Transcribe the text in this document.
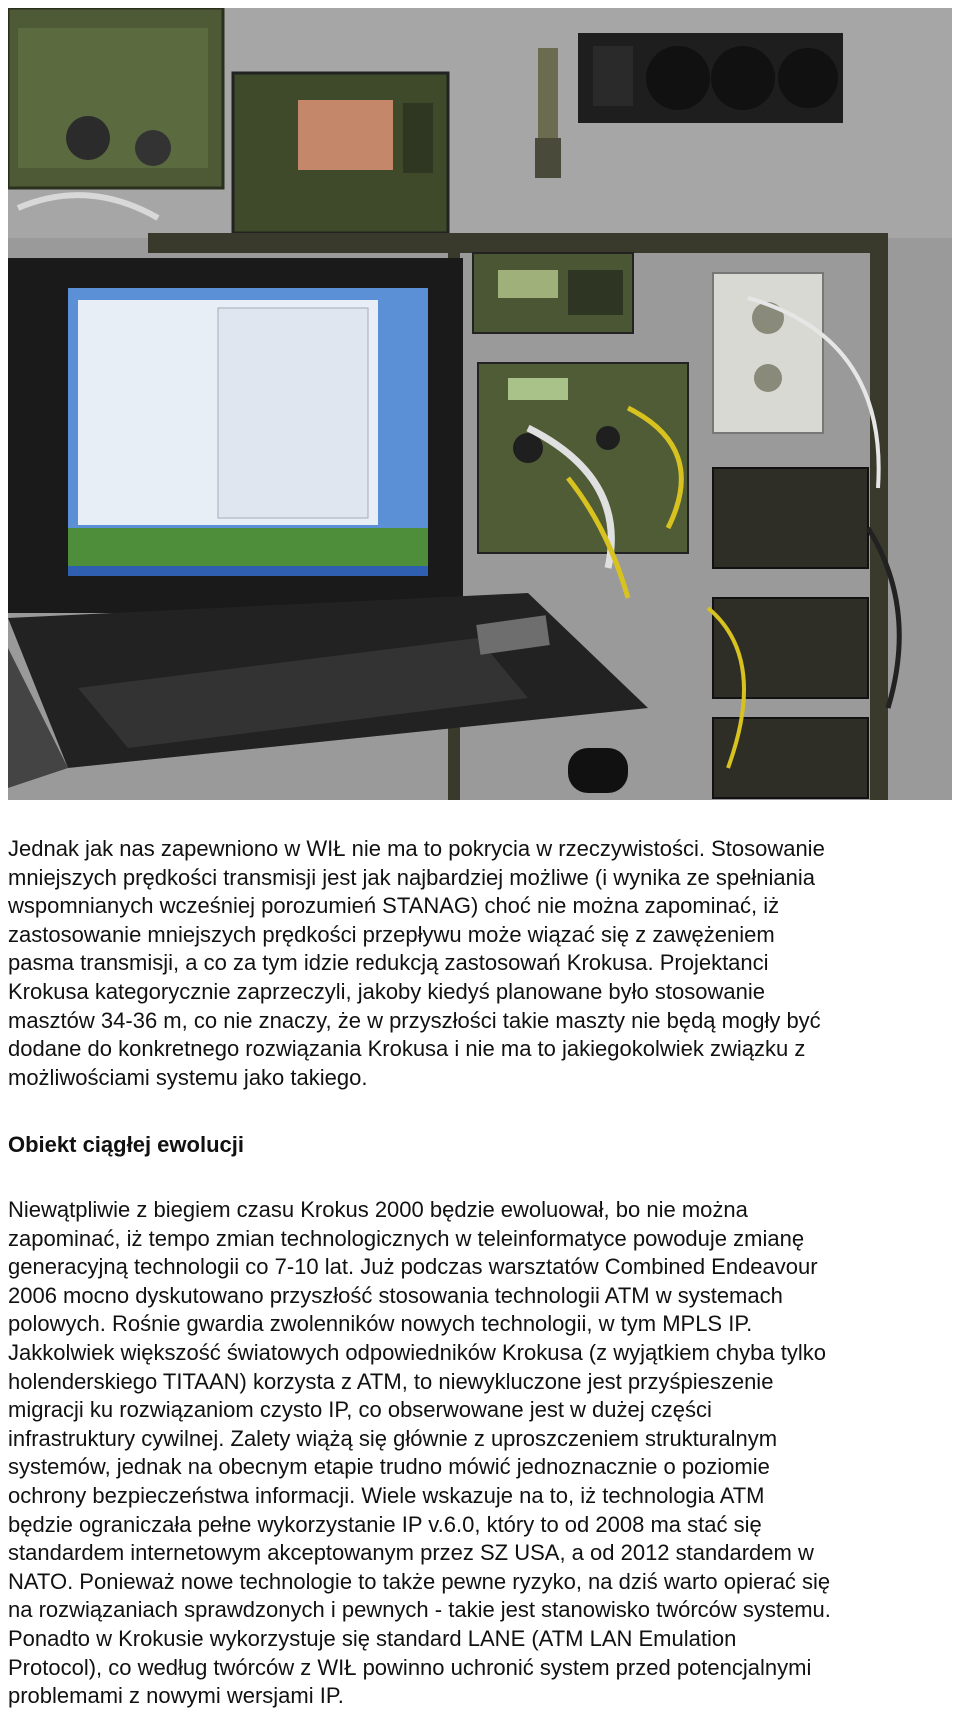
Jednak jak nas zapewniono w WIŁ nie ma to pokrycia w rzeczywistości. Stosowanie
mniejszych prędkości transmisji jest jak najbardziej możliwe (i wynika ze spełniania
wspomnianych wcześniej porozumień STANAG) choć nie można zapominać, iż
zastosowanie mniejszych prędkości przepływu może wiązać się z zawężeniem
pasma transmisji, a co za tym idzie redukcją zastosowań Krokusa. Projektanci
Krokusa kategorycznie zaprzeczyli, jakoby kiedyś planowane było stosowanie
masztów 34-36 m, co nie znaczy, że w przyszłości takie maszty nie będą mogły być
dodane do konkretnego rozwiązania Krokusa i nie ma to jakiegokolwiek związku z
możliwościami systemu jako takiego.
Obiekt ciągłej ewolucji
Niewątpliwie z biegiem czasu Krokus 2000 będzie ewoluował, bo nie można
zapominać, iż tempo zmian technologicznych w teleinformatyce powoduje zmianę
generacyjną technologii co 7-10 lat. Już podczas warsztatów Combined Endeavour
2006 mocno dyskutowano przyszłość stosowania technologii ATM w systemach
polowych. Rośnie gwardia zwolenników nowych technologii, w tym MPLS IP.
Jakkolwiek większość światowych odpowiedników Krokusa (z wyjątkiem chyba tylko
holenderskiego TITAAN) korzysta z ATM, to niewykluczone jest przyśpieszenie
migracji ku rozwiązaniom czysto IP, co obserwowane jest w dużej części
infrastruktury cywilnej. Zalety wiążą się głównie z uproszczeniem strukturalnym
systemów, jednak na obecnym etapie trudno mówić jednoznacznie o poziomie
ochrony bezpieczeństwa informacji. Wiele wskazuje na to, iż technologia ATM
będzie ograniczała pełne wykorzystanie IP v.6.0, który to od 2008 ma stać się
standardem internetowym akceptowanym przez SZ USA, a od 2012 standardem w
NATO. Ponieważ nowe technologie to także pewne ryzyko, na dziś warto opierać się
na rozwiązaniach sprawdzonych i pewnych - takie jest stanowisko twórców systemu.
Ponadto w Krokusie wykorzystuje się standard LANE (ATM LAN Emulation
Protocol), co według twórców z WIŁ powinno uchronić system przed potencjalnymi
problemami z nowymi wersjami IP.
